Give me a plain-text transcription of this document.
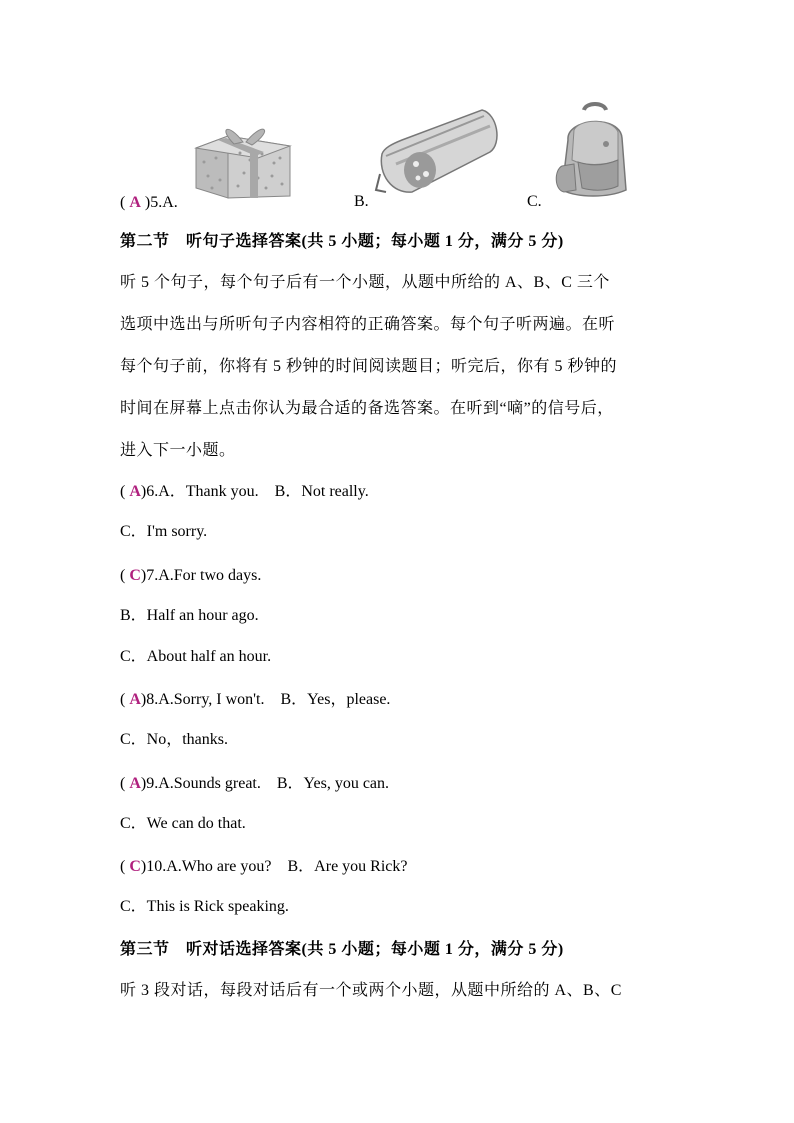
( A )5.A.	B.	C.
第二节　听句子选择答案(共 5 小题；每小题 1 分，满分 5 分)
听 5 个句子，每个句子后有一个小题，从题中所给的 A、B、C 三个
选项中选出与所听句子内容相符的正确答案。每个句子听两遍。在听
每个句子前，你将有 5 秒钟的时间阅读题目；听完后，你有 5 秒钟的
时间在屏幕上点击你认为最合适的备选答案。在听到“嘀”的信号后，
进入下一小题。
( A)6.A．Thank you.　B．Not really.
C．I'm sorry.
( C)7.A.For two days.
B．Half an hour ago.
C．About half an hour.
( A)8.A.Sorry, I won't.　B．Yes，please.
C．No，thanks.
( A)9.A.Sounds great.　B．Yes, you can.
C．We can do that.
( C)10.A.Who are you?　B．Are you Rick?
C．This is Rick speaking.
第三节　听对话选择答案(共 5 小题；每小题 1 分，满分 5 分)
听 3 段对话，每段对话后有一个或两个小题，从题中所给的 A、B、C
